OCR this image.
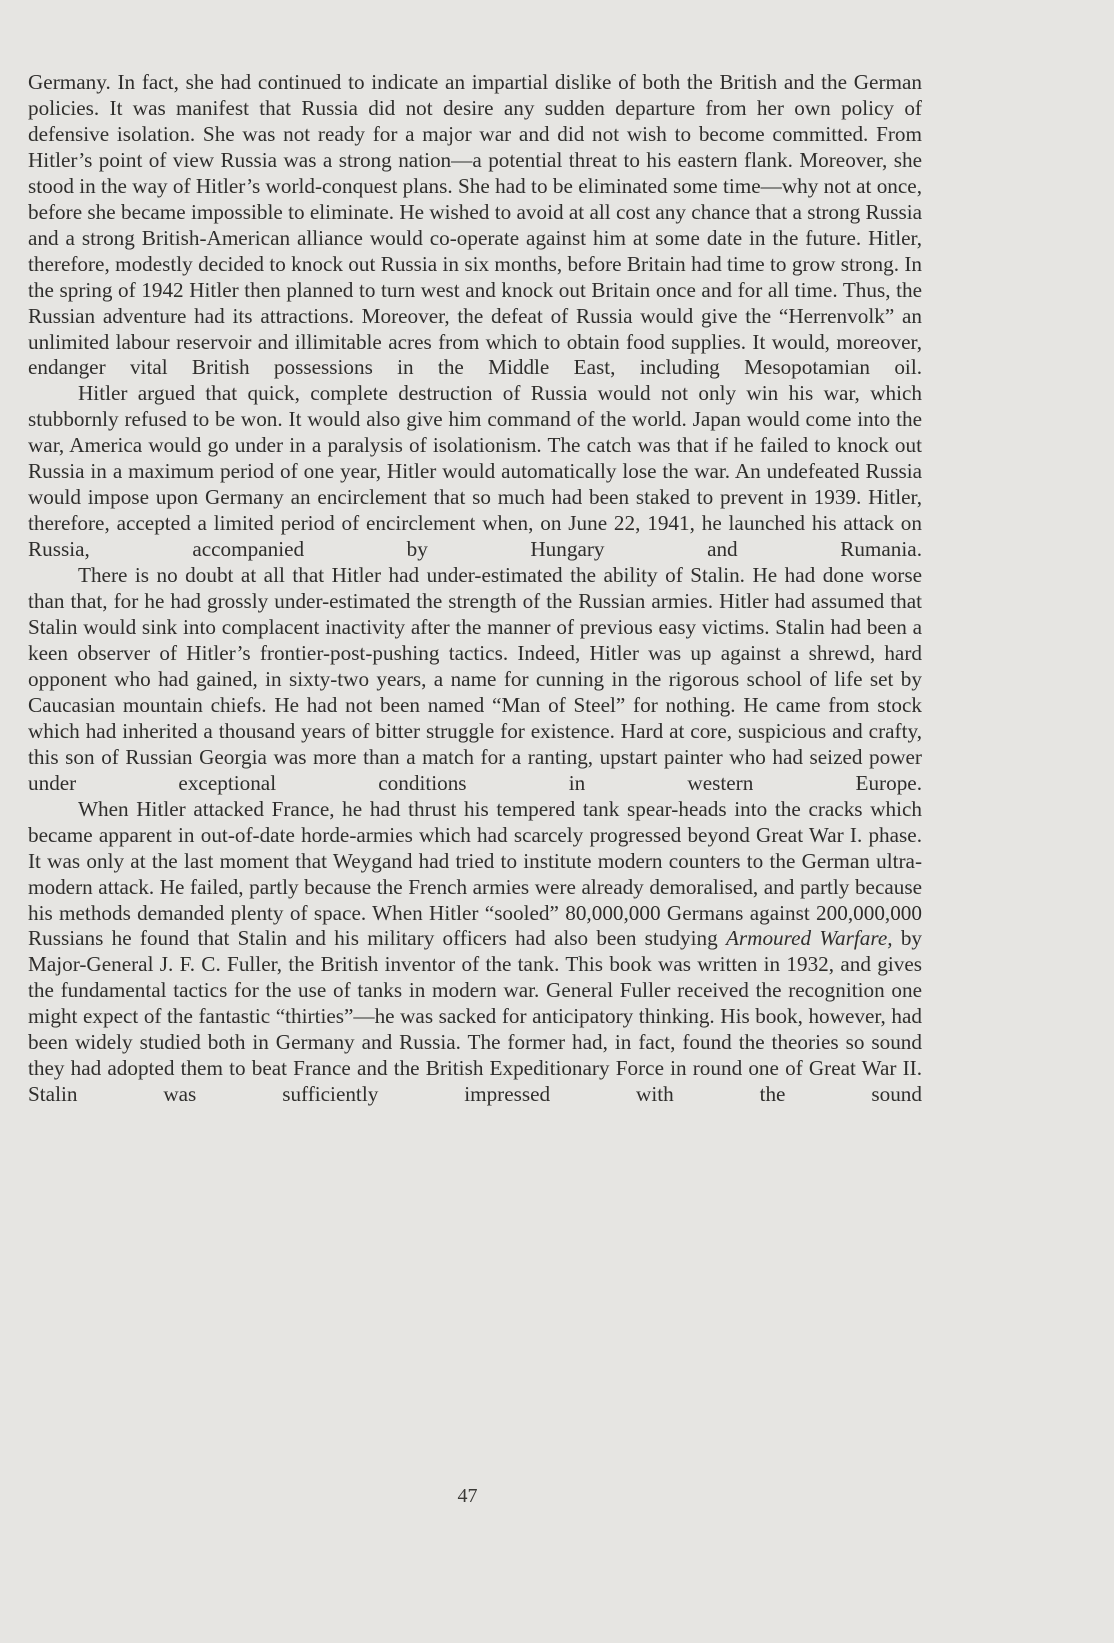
Germany. In fact, she had continued to indicate an impartial dislike of both the British and the German policies. It was manifest that Russia did not desire any sudden departure from her own policy of defensive isolation. She was not ready for a major war and did not wish to become committed. From Hitler’s point of view Russia was a strong nation—a potential threat to his eastern flank. Moreover, she stood in the way of Hitler’s world-conquest plans. She had to be eliminated some time—why not at once, before she became impossible to eliminate. He wished to avoid at all cost any chance that a strong Russia and a strong British-American alliance would co-operate against him at some date in the future. Hitler, therefore, modestly decided to knock out Russia in six months, before Britain had time to grow strong. In the spring of 1942 Hitler then planned to turn west and knock out Britain once and for all time. Thus, the Russian adventure had its attractions. Moreover, the defeat of Russia would give the “Herrenvolk” an unlimited labour reservoir and illimitable acres from which to obtain food supplies. It would, moreover, endanger vital British possessions in the Middle East, including Mesopotamian oil.

Hitler argued that quick, complete destruction of Russia would not only win his war, which stubbornly refused to be won. It would also give him command of the world. Japan would come into the war, America would go under in a paralysis of isolationism. The catch was that if he failed to knock out Russia in a maximum period of one year, Hitler would automatically lose the war. An undefeated Russia would impose upon Germany an encirclement that so much had been staked to prevent in 1939. Hitler, therefore, accepted a limited period of encirclement when, on June 22, 1941, he launched his attack on Russia, accompanied by Hungary and Rumania.

There is no doubt at all that Hitler had under-estimated the ability of Stalin. He had done worse than that, for he had grossly under-estimated the strength of the Russian armies. Hitler had assumed that Stalin would sink into complacent inactivity after the manner of previous easy victims. Stalin had been a keen observer of Hitler’s frontier-post-pushing tactics. Indeed, Hitler was up against a shrewd, hard opponent who had gained, in sixty-two years, a name for cunning in the rigorous school of life set by Caucasian mountain chiefs. He had not been named “Man of Steel” for nothing. He came from stock which had inherited a thousand years of bitter struggle for existence. Hard at core, suspicious and crafty, this son of Russian Georgia was more than a match for a ranting, upstart painter who had seized power under exceptional conditions in western Europe.

When Hitler attacked France, he had thrust his tempered tank spear-heads into the cracks which became apparent in out-of-date horde-armies which had scarcely progressed beyond Great War I. phase. It was only at the last moment that Weygand had tried to institute modern counters to the German ultra-modern attack. He failed, partly because the French armies were already demoralised, and partly because his methods demanded plenty of space. When Hitler “sooled” 80,000,000 Germans against 200,000,000 Russians he found that Stalin and his military officers had also been studying Armoured Warfare, by Major-General J. F. C. Fuller, the British inventor of the tank. This book was written in 1932, and gives the fundamental tactics for the use of tanks in modern war. General Fuller received the recognition one might expect of the fantastic “thirties”—he was sacked for anticipatory thinking. His book, however, had been widely studied both in Germany and Russia. The former had, in fact, found the theories so sound they had adopted them to beat France and the British Expeditionary Force in round one of Great War II. Stalin was sufficiently impressed with the sound

47
